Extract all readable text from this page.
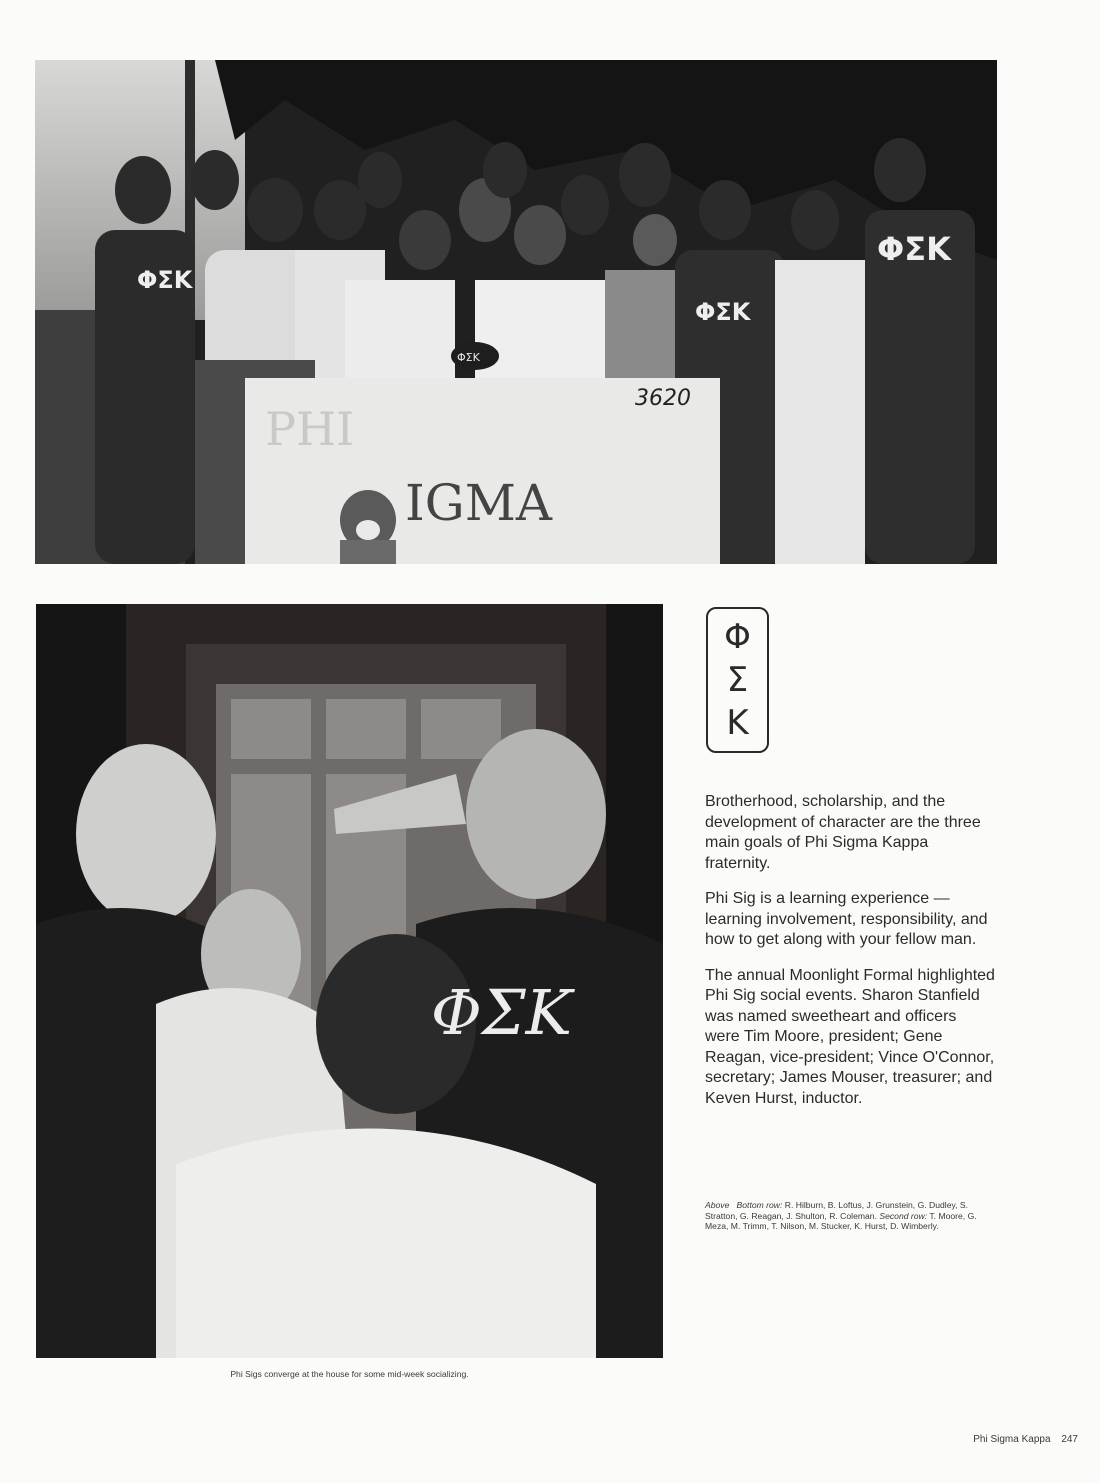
3620
PHI
IGMA
ΦΣΚ
ΦΣΚ
ΦΣΚ
ΦΣΚ
ΦΣΚ
Φ
Σ
Κ

Brotherhood, scholarship, and the development of character are the three main goals of Phi Sigma Kappa fraternity.

Phi Sig is a learning experience — learning involvement, responsibility, and how to get along with your fellow man.

The annual Moonlight Formal highlighted Phi Sig social events. Sharon Stanfield was named sweetheart and officers were Tim Moore, president; Gene Reagan, vice-president; Vince O'Connor, secretary; James Mouser, treasurer; and Keven Hurst, inductor.

Above Bottom row: R. Hilburn, B. Loftus, J. Grunstein, G. Dudley, S. Stratton, G. Reagan, J. Shulton, R. Coleman. Second row: T. Moore, G. Meza, M. Trimm, T. Nilson, M. Stucker, K. Hurst, D. Wimberly.
Phi Sigs converge at the house for some mid-week socializing.
Phi Sigma Kappa 247
